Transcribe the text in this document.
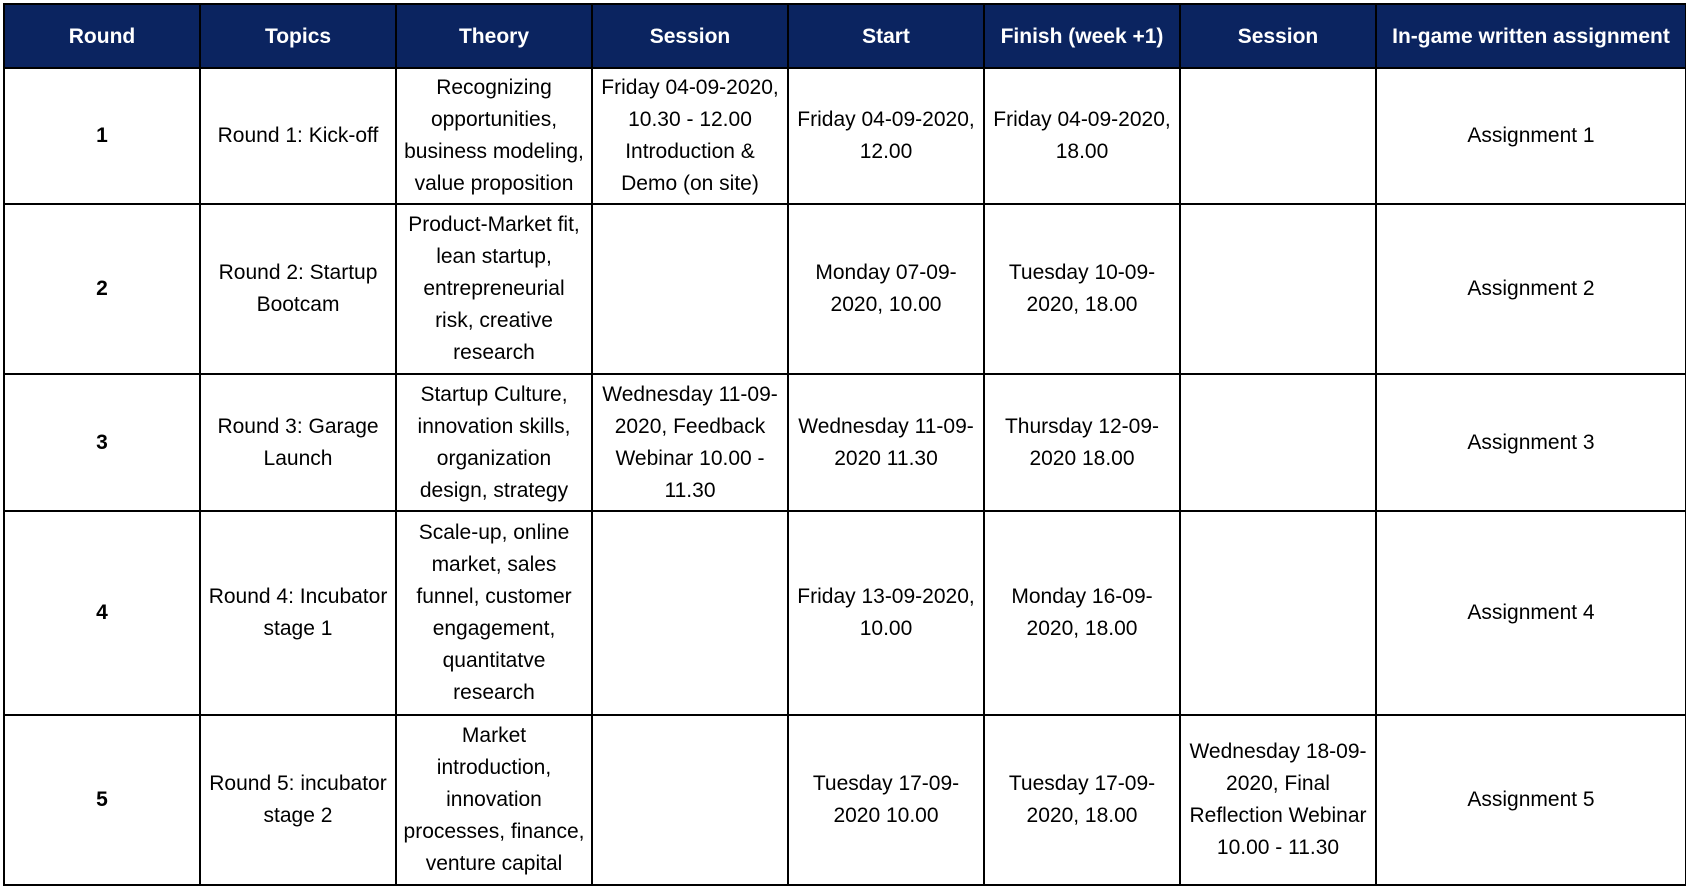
Round	Topics	Theory	Session	Start	Finish (week +1)	Session	In-game written assignment
1	Round 1: Kick-off	Recognizing opportunities, business modeling, value proposition	Friday 04-09-2020, 10.30 - 12.00 Introduction & Demo (on site)	Friday 04-09-2020, 12.00	Friday 04-09-2020, 18.00		Assignment 1
2	Round 2: Startup Bootcam	Product-Market fit, lean startup, entrepreneurial risk, creative research		Monday 07-09-2020, 10.00	Tuesday 10-09-2020, 18.00		Assignment 2
3	Round 3: Garage Launch	Startup Culture, innovation skills, organization design, strategy	Wednesday 11-09-2020, Feedback Webinar 10.00 - 11.30	Wednesday 11-09-2020 11.30	Thursday 12-09-2020 18.00		Assignment 3
4	Round 4: Incubator stage 1	Scale-up, online market, sales funnel, customer engagement, quantitatve research		Friday 13-09-2020, 10.00	Monday 16-09-2020, 18.00		Assignment 4
5	Round 5: incubator stage 2	Market introduction, innovation processes, finance, venture capital		Tuesday 17-09-2020 10.00	Tuesday 17-09-2020, 18.00	Wednesday 18-09-2020, Final Reflection Webinar 10.00 - 11.30	Assignment 5
